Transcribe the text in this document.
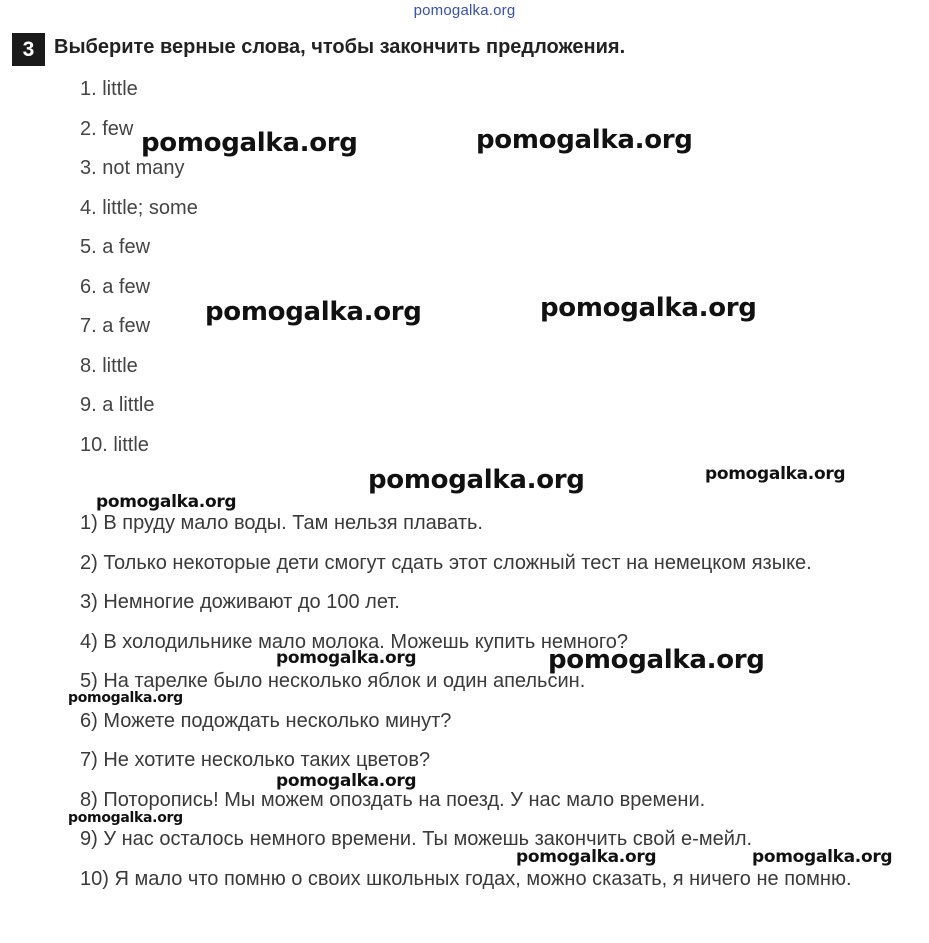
pomogalka.org
3 Выберите верные слова, чтобы закончить предложения.
1. little
2. few
3. not many
4. little; some
5. a few
6. a few
7. a few
8. little
9. a little
10. little
1) В пруду мало воды. Там нельзя плавать.
2) Только некоторые дети смогут сдать этот сложный тест на немецком языке.
3) Немногие доживают до 100 лет.
4) В холодильнике мало молока. Можешь купить немного?
5) На тарелке было несколько яблок и один апельсин.
6) Можете подождать несколько минут?
7) Не хотите несколько таких цветов?
8) Поторопись! Мы можем опоздать на поезд. У нас мало времени.
9) У нас осталось немного времени. Ты можешь закончить свой е-мейл.
10) Я мало что помню о своих школьных годах, можно сказать, я ничего не помню.
pomogalka.org	pomogalka.org
pomogalka.org	pomogalka.org
pomogalka.org	pomogalka.org
pomogalka.org
pomogalka.org	pomogalka.org
pomogalka.org
pomogalka.org
pomogalka.org
pomogalka.org	pomogalka.org
